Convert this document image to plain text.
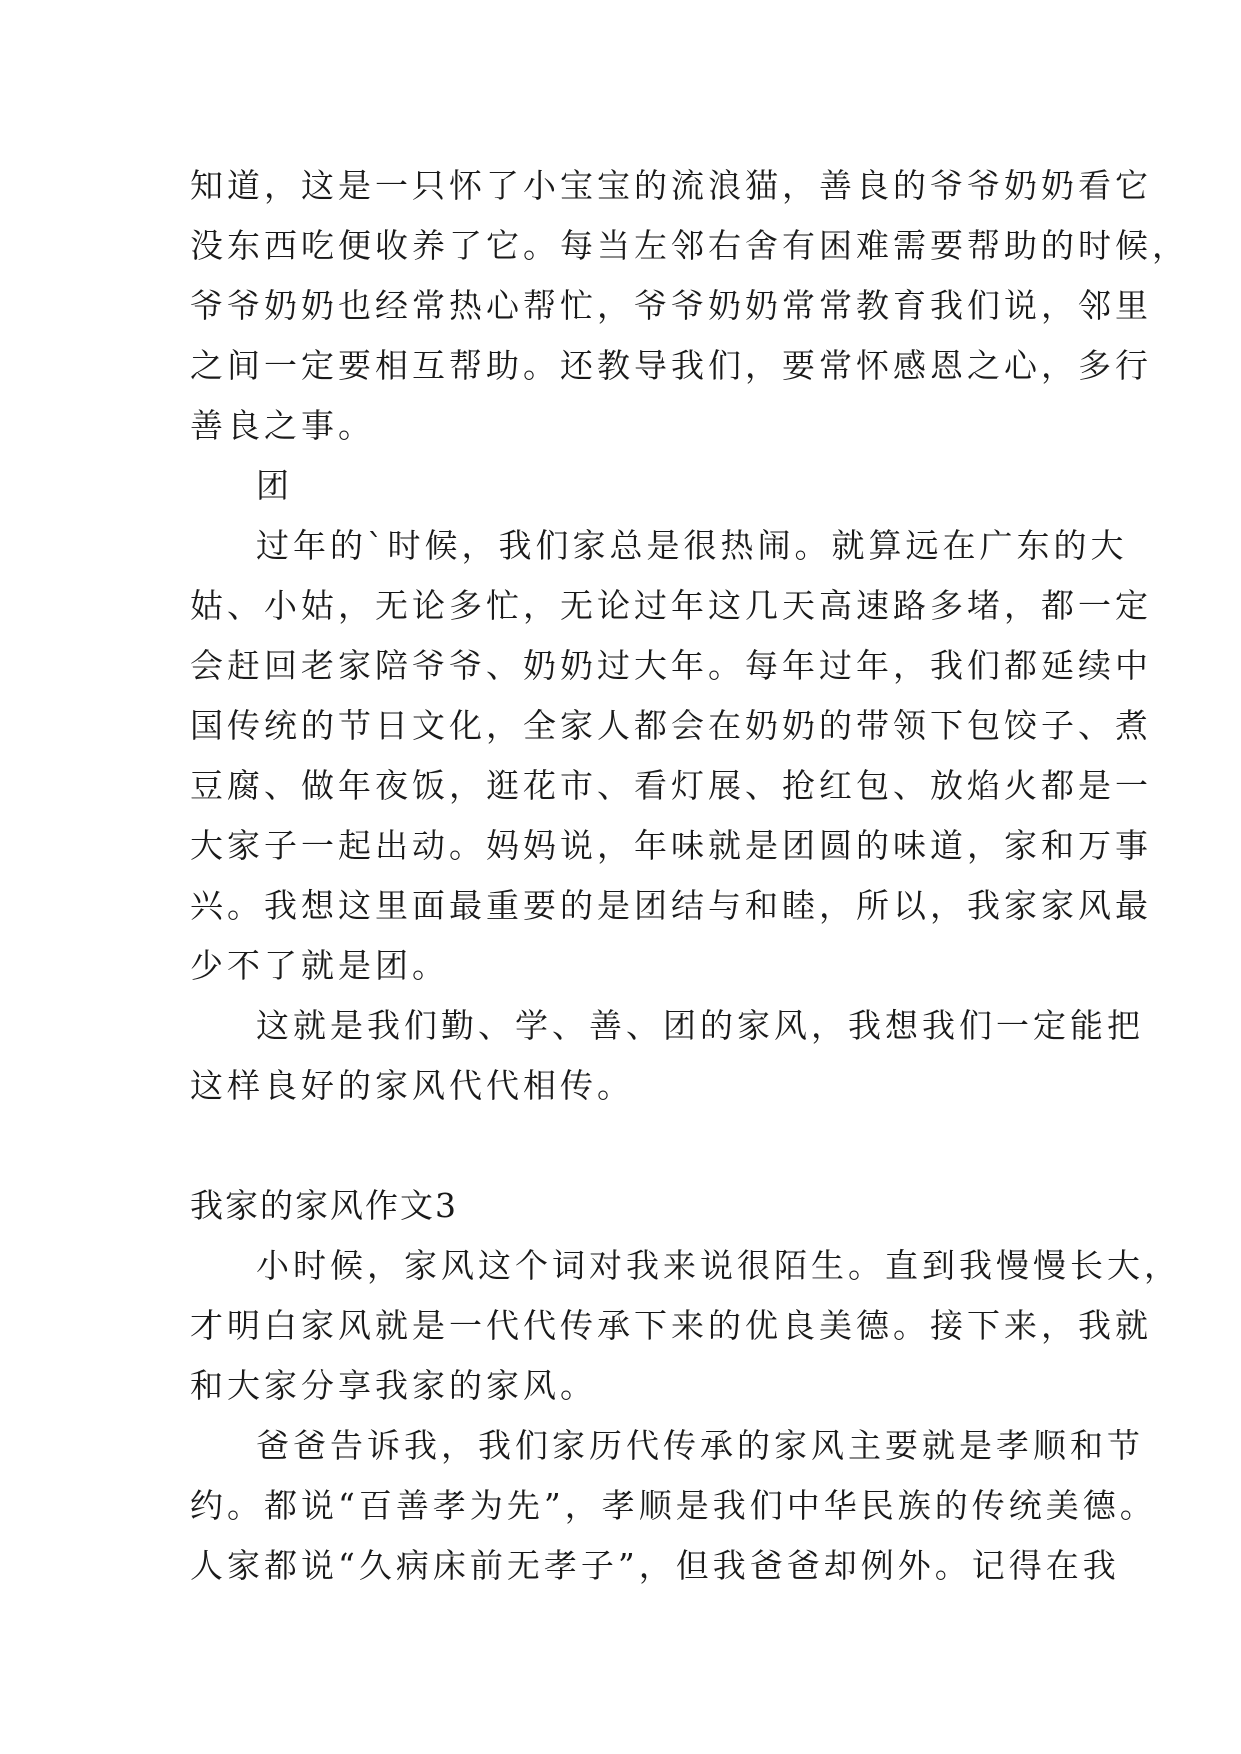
知道，这是一只怀了小宝宝的流浪猫，善良的爷爷奶奶看它
没东西吃便收养了它。每当左邻右舍有困难需要帮助的时候，
爷爷奶奶也经常热心帮忙，爷爷奶奶常常教育我们说，邻里
之间一定要相互帮助。还教导我们，要常怀感恩之心，多行
善良之事。
团
过年的`时候，我们家总是很热闹。就算远在广东的大
姑、小姑，无论多忙，无论过年这几天高速路多堵，都一定
会赶回老家陪爷爷、奶奶过大年。每年过年，我们都延续中
国传统的节日文化，全家人都会在奶奶的带领下包饺子、煮
豆腐、做年夜饭，逛花市、看灯展、抢红包、放焰火都是一
大家子一起出动。妈妈说，年味就是团圆的味道，家和万事
兴。我想这里面最重要的是团结与和睦，所以，我家家风最
少不了就是团。
这就是我们勤、学、善、团的家风，我想我们一定能把
这样良好的家风代代相传。
我家的家风作文3
小时候，家风这个词对我来说很陌生。直到我慢慢长大，
才明白家风就是一代代传承下来的优良美德。接下来，我就
和大家分享我家的家风。
爸爸告诉我，我们家历代传承的家风主要就是孝顺和节
约。都说“百善孝为先”，孝顺是我们中华民族的传统美德。
人家都说“久病床前无孝子”，但我爸爸却例外。记得在我
